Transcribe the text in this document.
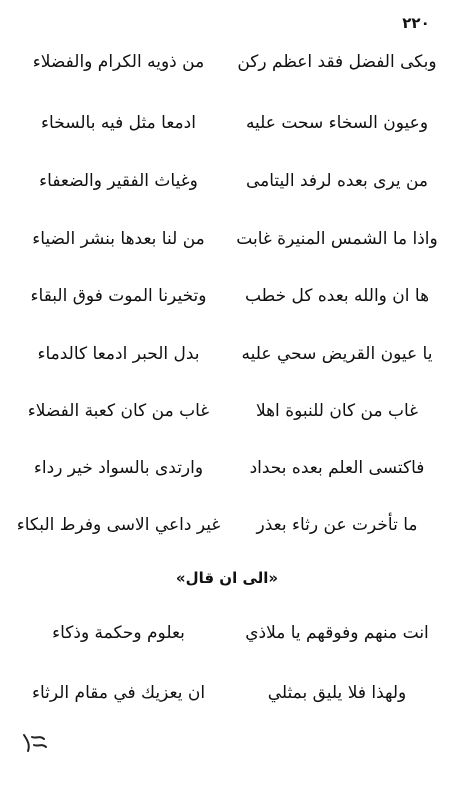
٢٢٠
وبكى الفضل فقد اعظم ركن
من ذويه الكرام والفضلاء
وعيون السخاء سحت عليه
ادمعا مثل فيه بالسخاء
من يرى بعده لرفد اليتامى
وغياث الفقير والضعفاء
واذا ما الشمس المنيرة غابت
من لنا بعدها بنشر الضياء
ها ان والله بعده كل خطب
وتخيرنا الموت فوق البقاء
يا عيون القريض سحي عليه
بدل الحبر ادمعا كالدماء
غاب من كان للنبوة اهلا
غاب من كان كعبة الفضلاء
فاكتسى العلم بعده بحداد
وارتدى بالسواد خير رداء
ما تأخرت عن رثاء بعذر
غير داعي الاسى وفرط البكاء
«الى ان قال»
انت منهم وفوقهم يا ملاذي
بعلوم وحكمة وذكاء
ولهذا فلا يليق بمثلي
ان يعزيك في مقام الرثاء
